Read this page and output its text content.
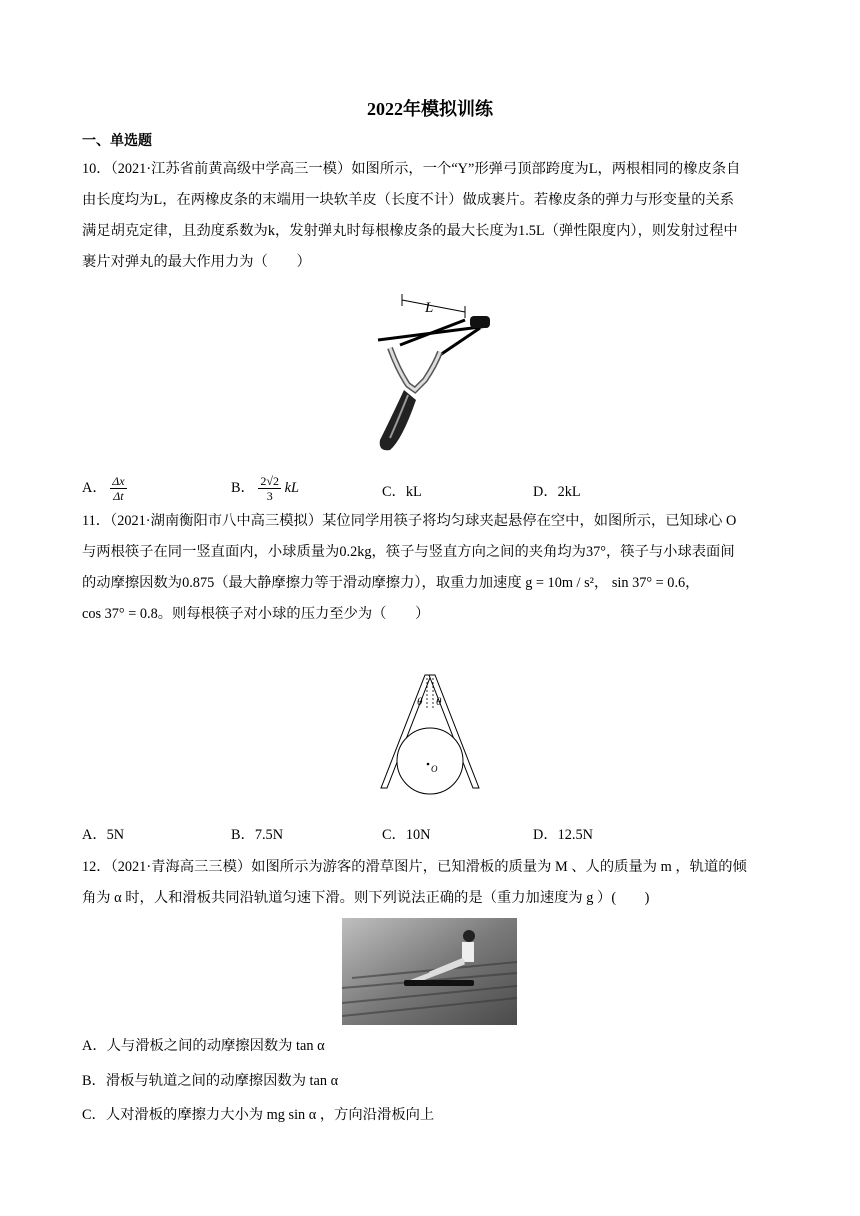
2022年模拟训练
一、单选题
10．（2021·江苏省前黄高级中学高三一模）如图所示，一个“Y”形弹弓顶部跨度为L，两根相同的橡皮条自
由长度均为L，在两橡皮条的末端用一块软羊皮（长度不计）做成裹片。若橡皮条的弹力与形变量的关系
满足胡克定律，且劲度系数为k，发射弹丸时每根橡皮条的最大长度为1.5L（弹性限度内），则发射过程中
裹片对弹丸的最大作用力为（　　）
L
A． $\frac{\Delta x}{\Delta t}$	B． $\frac{2√2}{3}$ kL	C．kL	D．2kL
11．（2021·湖南衡阳市八中高三模拟）某位同学用筷子将均匀球夹起悬停在空中，如图所示，已知球心 O
与两根筷子在同一竖直面内，小球质量为0.2kg，筷子与竖直方向之间的夹角均为37°，筷子与小球表面间
的动摩擦因数为0.875（最大静摩擦力等于滑动摩擦力），取重力加速度 g = 10m / s²， sin 37° = 0.6，
cos 37° = 0.8。则每根筷子对小球的压力至少为（　　）
θ θ
O
A．5N	B．7.5N	C．10N	D．12.5N
12．（2021·青海高三三模）如图所示为游客的滑草图片，已知滑板的质量为 M 、人的质量为 m ，轨道的倾
角为 α 时，人和滑板共同沿轨道匀速下滑。则下列说法正确的是（重力加速度为 g ）(　　)
A．人与滑板之间的动摩擦因数为 tan α
B．滑板与轨道之间的动摩擦因数为 tan α
C．人对滑板的摩擦力大小为 mg sin α ，方向沿滑板向上
